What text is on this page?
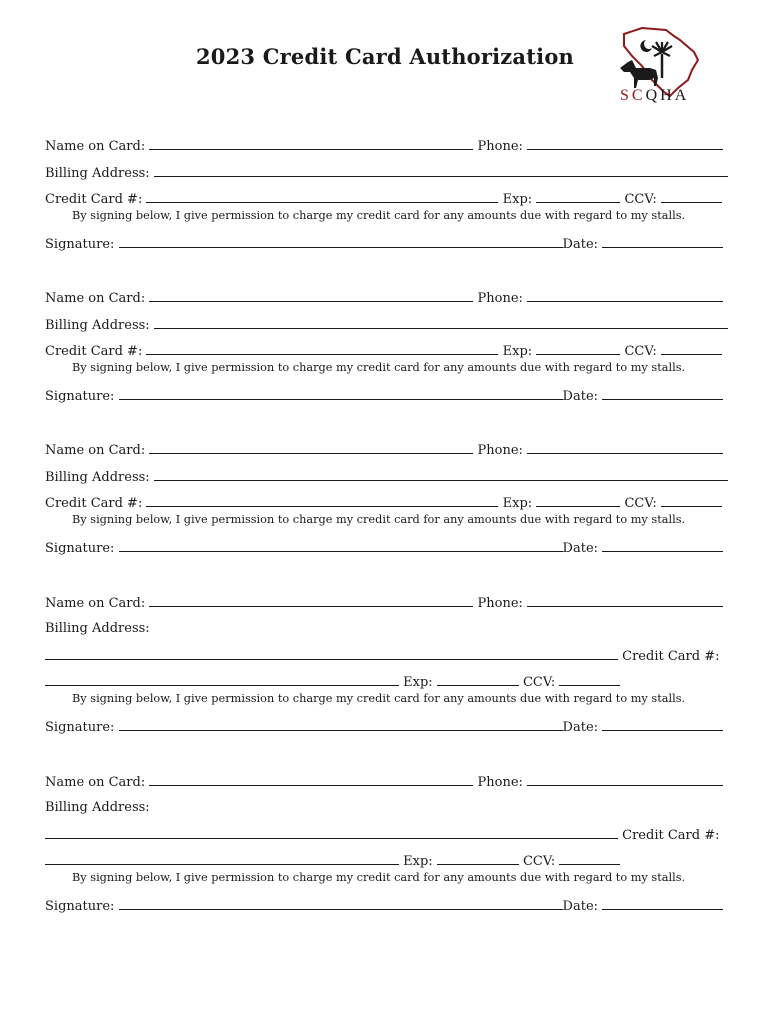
2023 Credit Card Authorization
SCQHA
Name on Card:	Phone:
Billing Address:
Credit Card #:	Exp:	CCV:
By signing below, I give permission to charge my credit card for any amounts due with regard to my stalls.
Signature:	Date:
Name on Card:	Phone:
Billing Address:
Credit Card #:	Exp:	CCV:
By signing below, I give permission to charge my credit card for any amounts due with regard to my stalls.
Signature:	Date:
Name on Card:	Phone:
Billing Address:
Credit Card #:	Exp:	CCV:
By signing below, I give permission to charge my credit card for any amounts due with regard to my stalls.
Signature:	Date:
Name on Card:	Phone:
Billing Address:
Credit Card #:
Exp:	CCV:
By signing below, I give permission to charge my credit card for any amounts due with regard to my stalls.
Signature:	Date:
Name on Card:	Phone:
Billing Address:
Credit Card #:
Exp:	CCV:
By signing below, I give permission to charge my credit card for any amounts due with regard to my stalls.
Signature:	Date:
